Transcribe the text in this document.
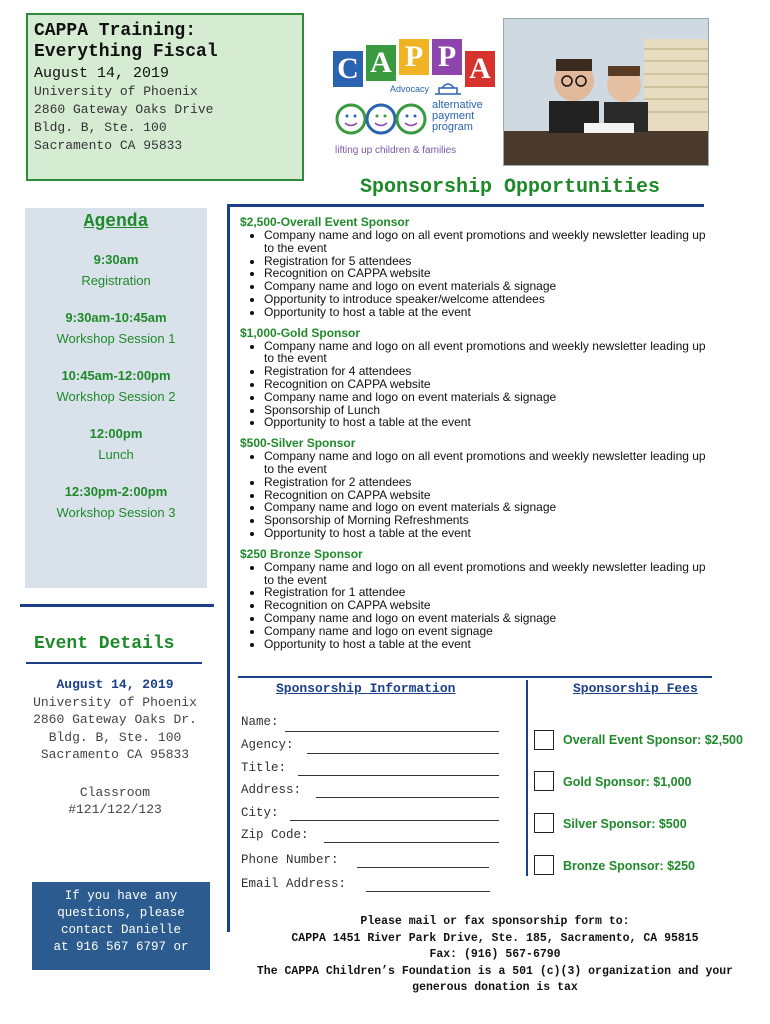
CAPPA Training:
Everything Fiscal
August 14, 2019
University of Phoenix
2860 Gateway Oaks Drive
Bldg. B, Ste. 100
Sacramento CA 95833
C A P P A
Advocacy
alternative
payment
program
lifting up children & families
Sponsorship Opportunities
Agenda
9:30am
Registration
9:30am-10:45am
Workshop Session 1
10:45am-12:00pm
Workshop Session 2
12:00pm
Lunch
12:30pm-2:00pm
Workshop Session 3
Event Details
August 14, 2019
University of Phoenix
2860 Gateway Oaks Dr.
Bldg. B, Ste. 100
Sacramento CA 95833
Classroom
#121/122/123
If you have any
questions, please
contact Danielle
at 916 567 6797 or
$2,500-Overall Event Sponsor
• Company name and logo on all event promotions and weekly newsletter leading up to the event
• Registration for 5 attendees
• Recognition on CAPPA website
• Company name and logo on event materials & signage
• Opportunity to introduce speaker/welcome attendees
• Opportunity to host a table at the event
$1,000-Gold Sponsor
• Company name and logo on all event promotions and weekly newsletter leading up to the event
• Registration for 4 attendees
• Recognition on CAPPA website
• Company name and logo on event materials & signage
• Sponsorship of Lunch
• Opportunity to host a table at the event
$500-Silver Sponsor
• Company name and logo on all event promotions and weekly newsletter leading up to the event
• Registration for 2 attendees
• Recognition on CAPPA website
• Company name and logo on event materials & signage
• Sponsorship of Morning Refreshments
• Opportunity to host a table at the event
$250 Bronze Sponsor
• Company name and logo on all event promotions and weekly newsletter leading up to the event
• Registration for 1 attendee
• Recognition on CAPPA website
• Company name and logo on event materials & signage
• Company name and logo on event signage
• Opportunity to host a table at the event
Sponsorship Information	Sponsorship Fees
Name:
Agency:
Title:
Address:
City:
Zip Code:
Phone Number:
Email Address:
Overall Event Sponsor: $2,500
Gold Sponsor: $1,000
Silver Sponsor: $500
Bronze Sponsor: $250
Please mail or fax sponsorship form to:
CAPPA 1451 River Park Drive, Ste. 185, Sacramento, CA 95815
Fax: (916) 567-6790
The CAPPA Children’s Foundation is a 501 (c)(3) organization and your
generous donation is tax
